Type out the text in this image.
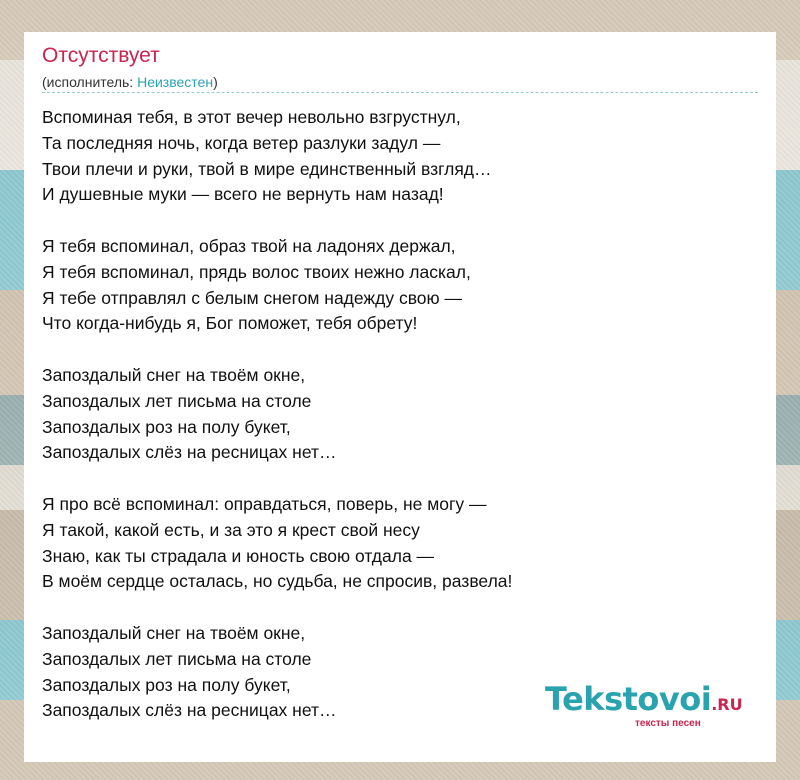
Отсутствует
(исполнитель: Неизвестен)
Вспоминая тебя, в этот вечер невольно взгрустнул,
Та последняя ночь, когда ветер разлуки задул —
Твои плечи и руки, твой в мире единственный взгляд…
И душевные муки — всего не вернуть нам назад!
Я тебя вспоминал, образ твой на ладонях держал,
Я тебя вспоминал, прядь волос твоих нежно ласкал,
Я тебе отправлял с белым снегом надежду свою —
Что когда-нибудь я, Бог поможет, тебя обрету!
Запоздалый снег на твоём окне,
Запоздалых лет письма на столе
Запоздалых роз на полу букет,
Запоздалых слёз на ресницах нет…
Я про всё вспоминал: оправдаться, поверь, не могу —
Я такой, какой есть, и за это я крест свой несу
Знаю, как ты страдала и юность свою отдала —
В моём сердце осталась, но судьба, не спросив, развела!
Запоздалый снег на твоём окне,
Запоздалых лет письма на столе
Запоздалых роз на полу букет,
Запоздалых слёз на ресницах нет…	Tekstovoi.RU
тексты песен
